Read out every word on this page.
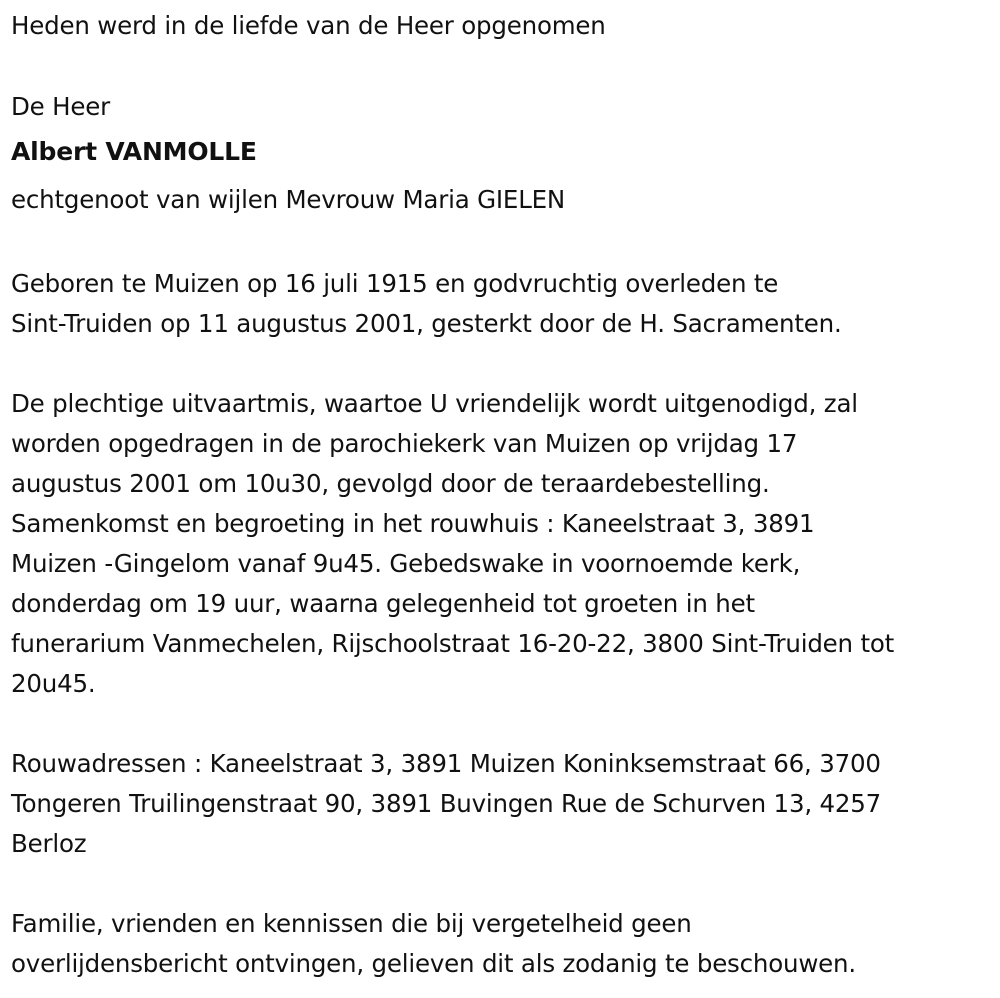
Heden werd in de liefde van de Heer opgenomen

De Heer

Albert VANMOLLE

echtgenoot van wijlen Mevrouw Maria GIELEN

Geboren te Muizen op 16 juli 1915 en godvruchtig overleden te
Sint-Truiden op 11 augustus 2001, gesterkt door de H. Sacramenten.

De plechtige uitvaartmis, waartoe U vriendelijk wordt uitgenodigd, zal
worden opgedragen in de parochiekerk van Muizen op vrijdag 17
augustus 2001 om 10u30, gevolgd door de teraardebestelling.
Samenkomst en begroeting in het rouwhuis : Kaneelstraat 3, 3891
Muizen -Gingelom vanaf 9u45. Gebedswake in voornoemde kerk,
donderdag om 19 uur, waarna gelegenheid tot groeten in het
funerarium Vanmechelen, Rijschoolstraat 16-20-22, 3800 Sint-Truiden tot
20u45.

Rouwadressen : Kaneelstraat 3, 3891 Muizen Koninksemstraat 66, 3700
Tongeren Truilingenstraat 90, 3891 Buvingen Rue de Schurven 13, 4257
Berloz

Familie, vrienden en kennissen die bij vergetelheid geen
overlijdensbericht ontvingen, gelieven dit als zodanig te beschouwen.
